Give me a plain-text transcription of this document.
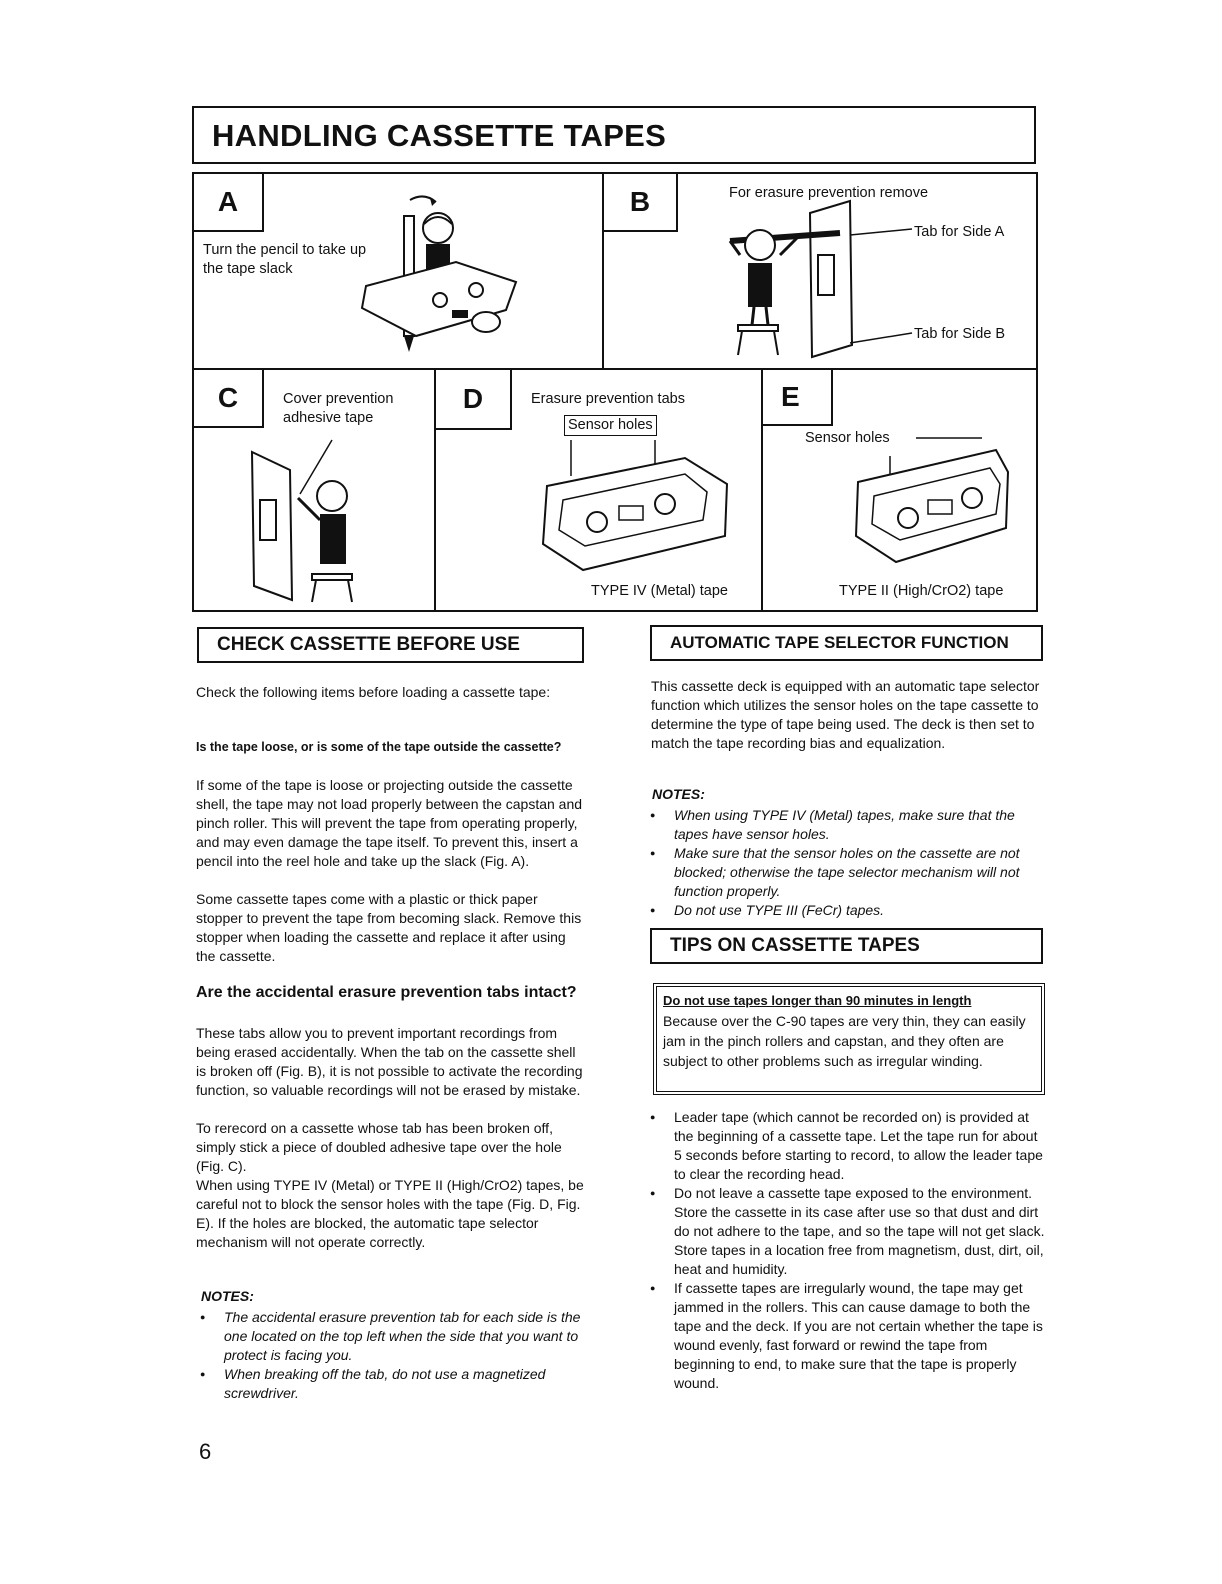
HANDLING CASSETTE TAPES
A
Turn the pencil to take up the tape slack
B	For erasure prevention remove
Tab for Side A
Tab for Side B
C	Cover prevention adhesive tape
D	Erasure prevention tabs
Sensor holes
TYPE IV (Metal) tape
E
Sensor holes
TYPE II (High/CrO2) tape
CHECK CASSETTE BEFORE USE
Check the following items before loading a cassette tape:
Is the tape loose, or is some of the tape outside the cassette?
If some of the tape is loose or projecting outside the cassette shell, the tape may not load properly between the capstan and pinch roller. This will prevent the tape from operating properly, and may even damage the tape itself. To prevent this, insert a pencil into the reel hole and take up the slack (Fig. A).
Some cassette tapes come with a plastic or thick paper stopper to prevent the tape from becoming slack. Remove this stopper when loading the cassette and replace it after using the cassette.
Are the accidental erasure prevention tabs intact?
These tabs allow you to prevent important recordings from being erased accidentally. When the tab on the cassette shell is broken off (Fig. B), it is not possible to activate the recording function, so valuable recordings will not be erased by mistake.
To rerecord on a cassette whose tab has been broken off, simply stick a piece of doubled adhesive tape over the hole (Fig. C).
When using TYPE IV (Metal) or TYPE II (High/CrO2) tapes, be careful not to block the sensor holes with the tape (Fig. D, Fig. E). If the holes are blocked, the automatic tape selector mechanism will not operate correctly.
NOTES:
● The accidental erasure prevention tab for each side is the one located on the top left when the side that you want to protect is facing you.
● When breaking off the tab, do not use a magnetized screwdriver.
6
AUTOMATIC TAPE SELECTOR FUNCTION
This cassette deck is equipped with an automatic tape selector function which utilizes the sensor holes on the tape cassette to determine the type of tape being used. The deck is then set to match the tape recording bias and equalization.
NOTES:
● When using TYPE IV (Metal) tapes, make sure that the tapes have sensor holes.
● Make sure that the sensor holes on the cassette are not blocked; otherwise the tape selector mechanism will not function properly.
● Do not use TYPE III (FeCr) tapes.
TIPS ON CASSETTE TAPES
Do not use tapes longer than 90 minutes in length
Because over the C-90 tapes are very thin, they can easily jam in the pinch rollers and capstan, and they often are subject to other problems such as irregular winding.
● Leader tape (which cannot be recorded on) is provided at the beginning of a cassette tape. Let the tape run for about 5 seconds before starting to record, to allow the leader tape to clear the recording head.
● Do not leave a cassette tape exposed to the environment. Store the cassette in its case after use so that dust and dirt do not adhere to the tape, and so the tape will not get slack. Store tapes in a location free from magnetism, dust, dirt, oil, heat and humidity.
● If cassette tapes are irregularly wound, the tape may get jammed in the rollers. This can cause damage to both the tape and the deck. If you are not certain whether the tape is wound evenly, fast forward or rewind the tape from beginning to end, to make sure that the tape is properly wound.
